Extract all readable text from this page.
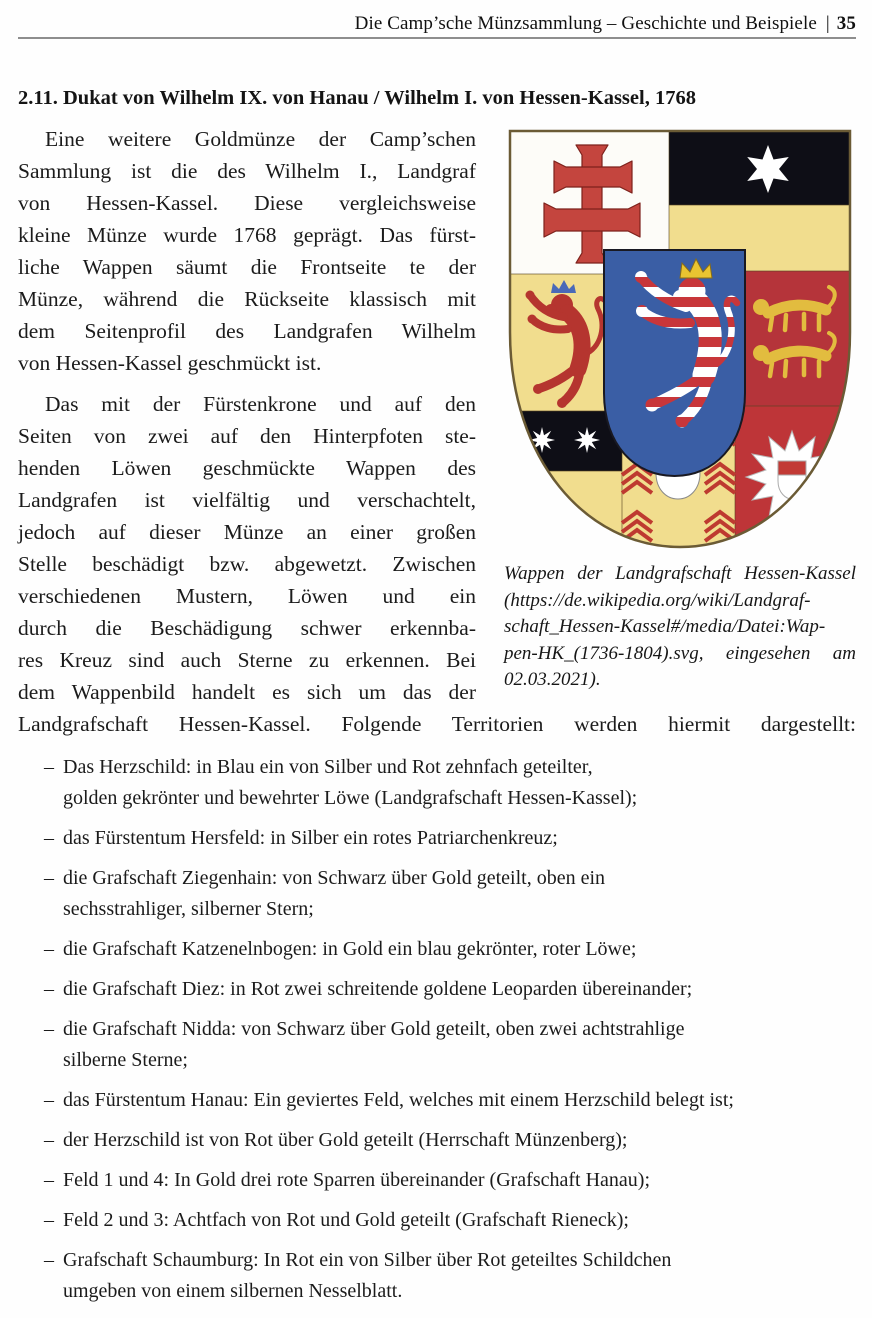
Die Camp’sche Münzsammlung – Geschichte und Beispiele | 35
2.11. Dukat von Wilhelm IX. von Hanau / Wilhelm I. von Hessen-Kassel, 1768
Wappen der Landgrafschaft Hessen-Kassel
(https://de.wikipedia.org/wiki/Landgraf-
schaft_Hessen-Kassel#/media/Datei:Wap-
pen-HK_(1736-1804).svg, eingesehen am
02.03.2021).
Eine weitere Goldmünze der Camp’schen
Sammlung ist die des Wilhelm I., Landgraf
von Hessen-Kassel. Diese vergleichsweise
kleine Münze wurde 1768 geprägt. Das fürst-
liche Wappen säumt die Frontseite te der
Münze, während die Rückseite klassisch mit
dem Seitenprofil des Landgrafen Wilhelm
von Hessen-Kassel geschmückt ist.
Das mit der Fürstenkrone und auf den
Seiten von zwei auf den Hinterpfoten ste-
henden Löwen geschmückte Wappen des
Landgrafen ist vielfältig und verschachtelt,
jedoch auf dieser Münze an einer großen
Stelle beschädigt bzw. abgewetzt. Zwischen
verschiedenen Mustern, Löwen und ein
durch die Beschädigung schwer erkennba-
res Kreuz sind auch Sterne zu erkennen. Bei
dem Wappenbild handelt es sich um das der
Landgrafschaft Hessen-Kassel. Folgende Territorien werden hiermit dargestellt:
– Das Herzschild: in Blau ein von Silber und Rot zehnfach geteilter,
golden gekrönter und bewehrter Löwe (Landgrafschaft Hessen-Kassel);
– das Fürstentum Hersfeld: in Silber ein rotes Patriarchenkreuz;
– die Grafschaft Ziegenhain: von Schwarz über Gold geteilt, oben ein
sechsstrahliger, silberner Stern;
– die Grafschaft Katzenelnbogen: in Gold ein blau gekrönter, roter Löwe;
– die Grafschaft Diez: in Rot zwei schreitende goldene Leoparden übereinander;
– die Grafschaft Nidda: von Schwarz über Gold geteilt, oben zwei achtstrahlige
silberne Sterne;
– das Fürstentum Hanau: Ein geviertes Feld, welches mit einem Herzschild belegt ist;
– der Herzschild ist von Rot über Gold geteilt (Herrschaft Münzenberg);
– Feld 1 und 4: In Gold drei rote Sparren übereinander (Grafschaft Hanau);
– Feld 2 und 3: Achtfach von Rot und Gold geteilt (Grafschaft Rieneck);
– Grafschaft Schaumburg: In Rot ein von Silber über Rot geteiltes Schildchen
umgeben von einem silbernen Nesselblatt.
